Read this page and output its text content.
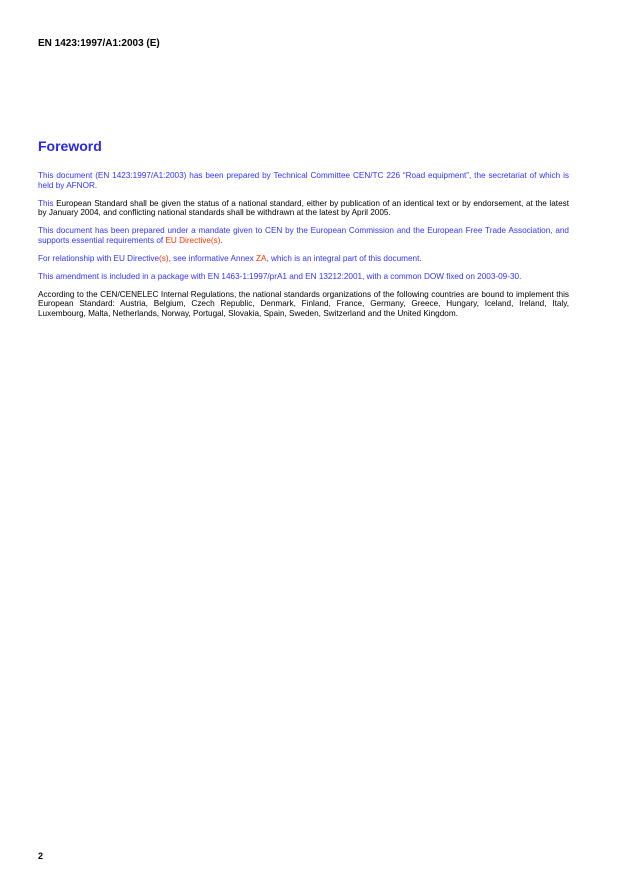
EN 1423:1997/A1:2003 (E)
Foreword

This document (EN 1423:1997/A1:2003) has been prepared by Technical Committee CEN/TC 226 “Road equipment”, the secretariat of which is held by AFNOR.

This European Standard shall be given the status of a national standard, either by publication of an identical text or by endorsement, at the latest by January 2004, and conflicting national standards shall be withdrawn at the latest by April 2005.

This document has been prepared under a mandate given to CEN by the European Commission and the European Free Trade Association, and supports essential requirements of EU Directive(s).

For relationship with EU Directive(s), see informative Annex ZA, which is an integral part of this document.

This amendment is included in a package with EN 1463-1:1997/prA1 and EN 13212:2001, with a common DOW fixed on 2003-09-30.

According to the CEN/CENELEC Internal Regulations, the national standards organizations of the following countries are bound to implement this European Standard: Austria, Belgium, Czech Republic, Denmark, Finland, France, Germany, Greece, Hungary, Iceland, Ireland, Italy, Luxembourg, Malta, Netherlands, Norway, Portugal, Slovakia, Spain, Sweden, Switzerland and the United Kingdom.

2
